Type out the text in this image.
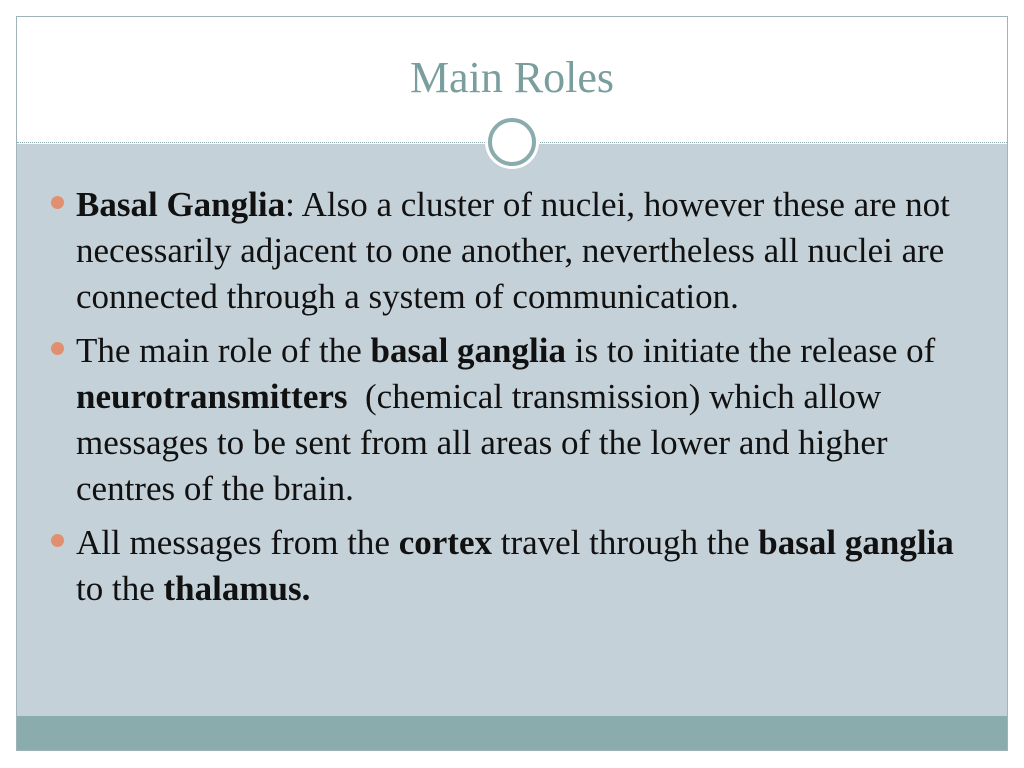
Main Roles
Basal Ganglia: Also a cluster of nuclei, however these are not necessarily adjacent to one another, nevertheless all nuclei are connected through a system of communication.
The main role of the basal ganglia is to initiate the release of neurotransmitters  (chemical transmission) which allow messages to be sent from all areas of the lower and higher centres of the brain.
All messages from the cortex travel through the basal ganglia to the thalamus.
